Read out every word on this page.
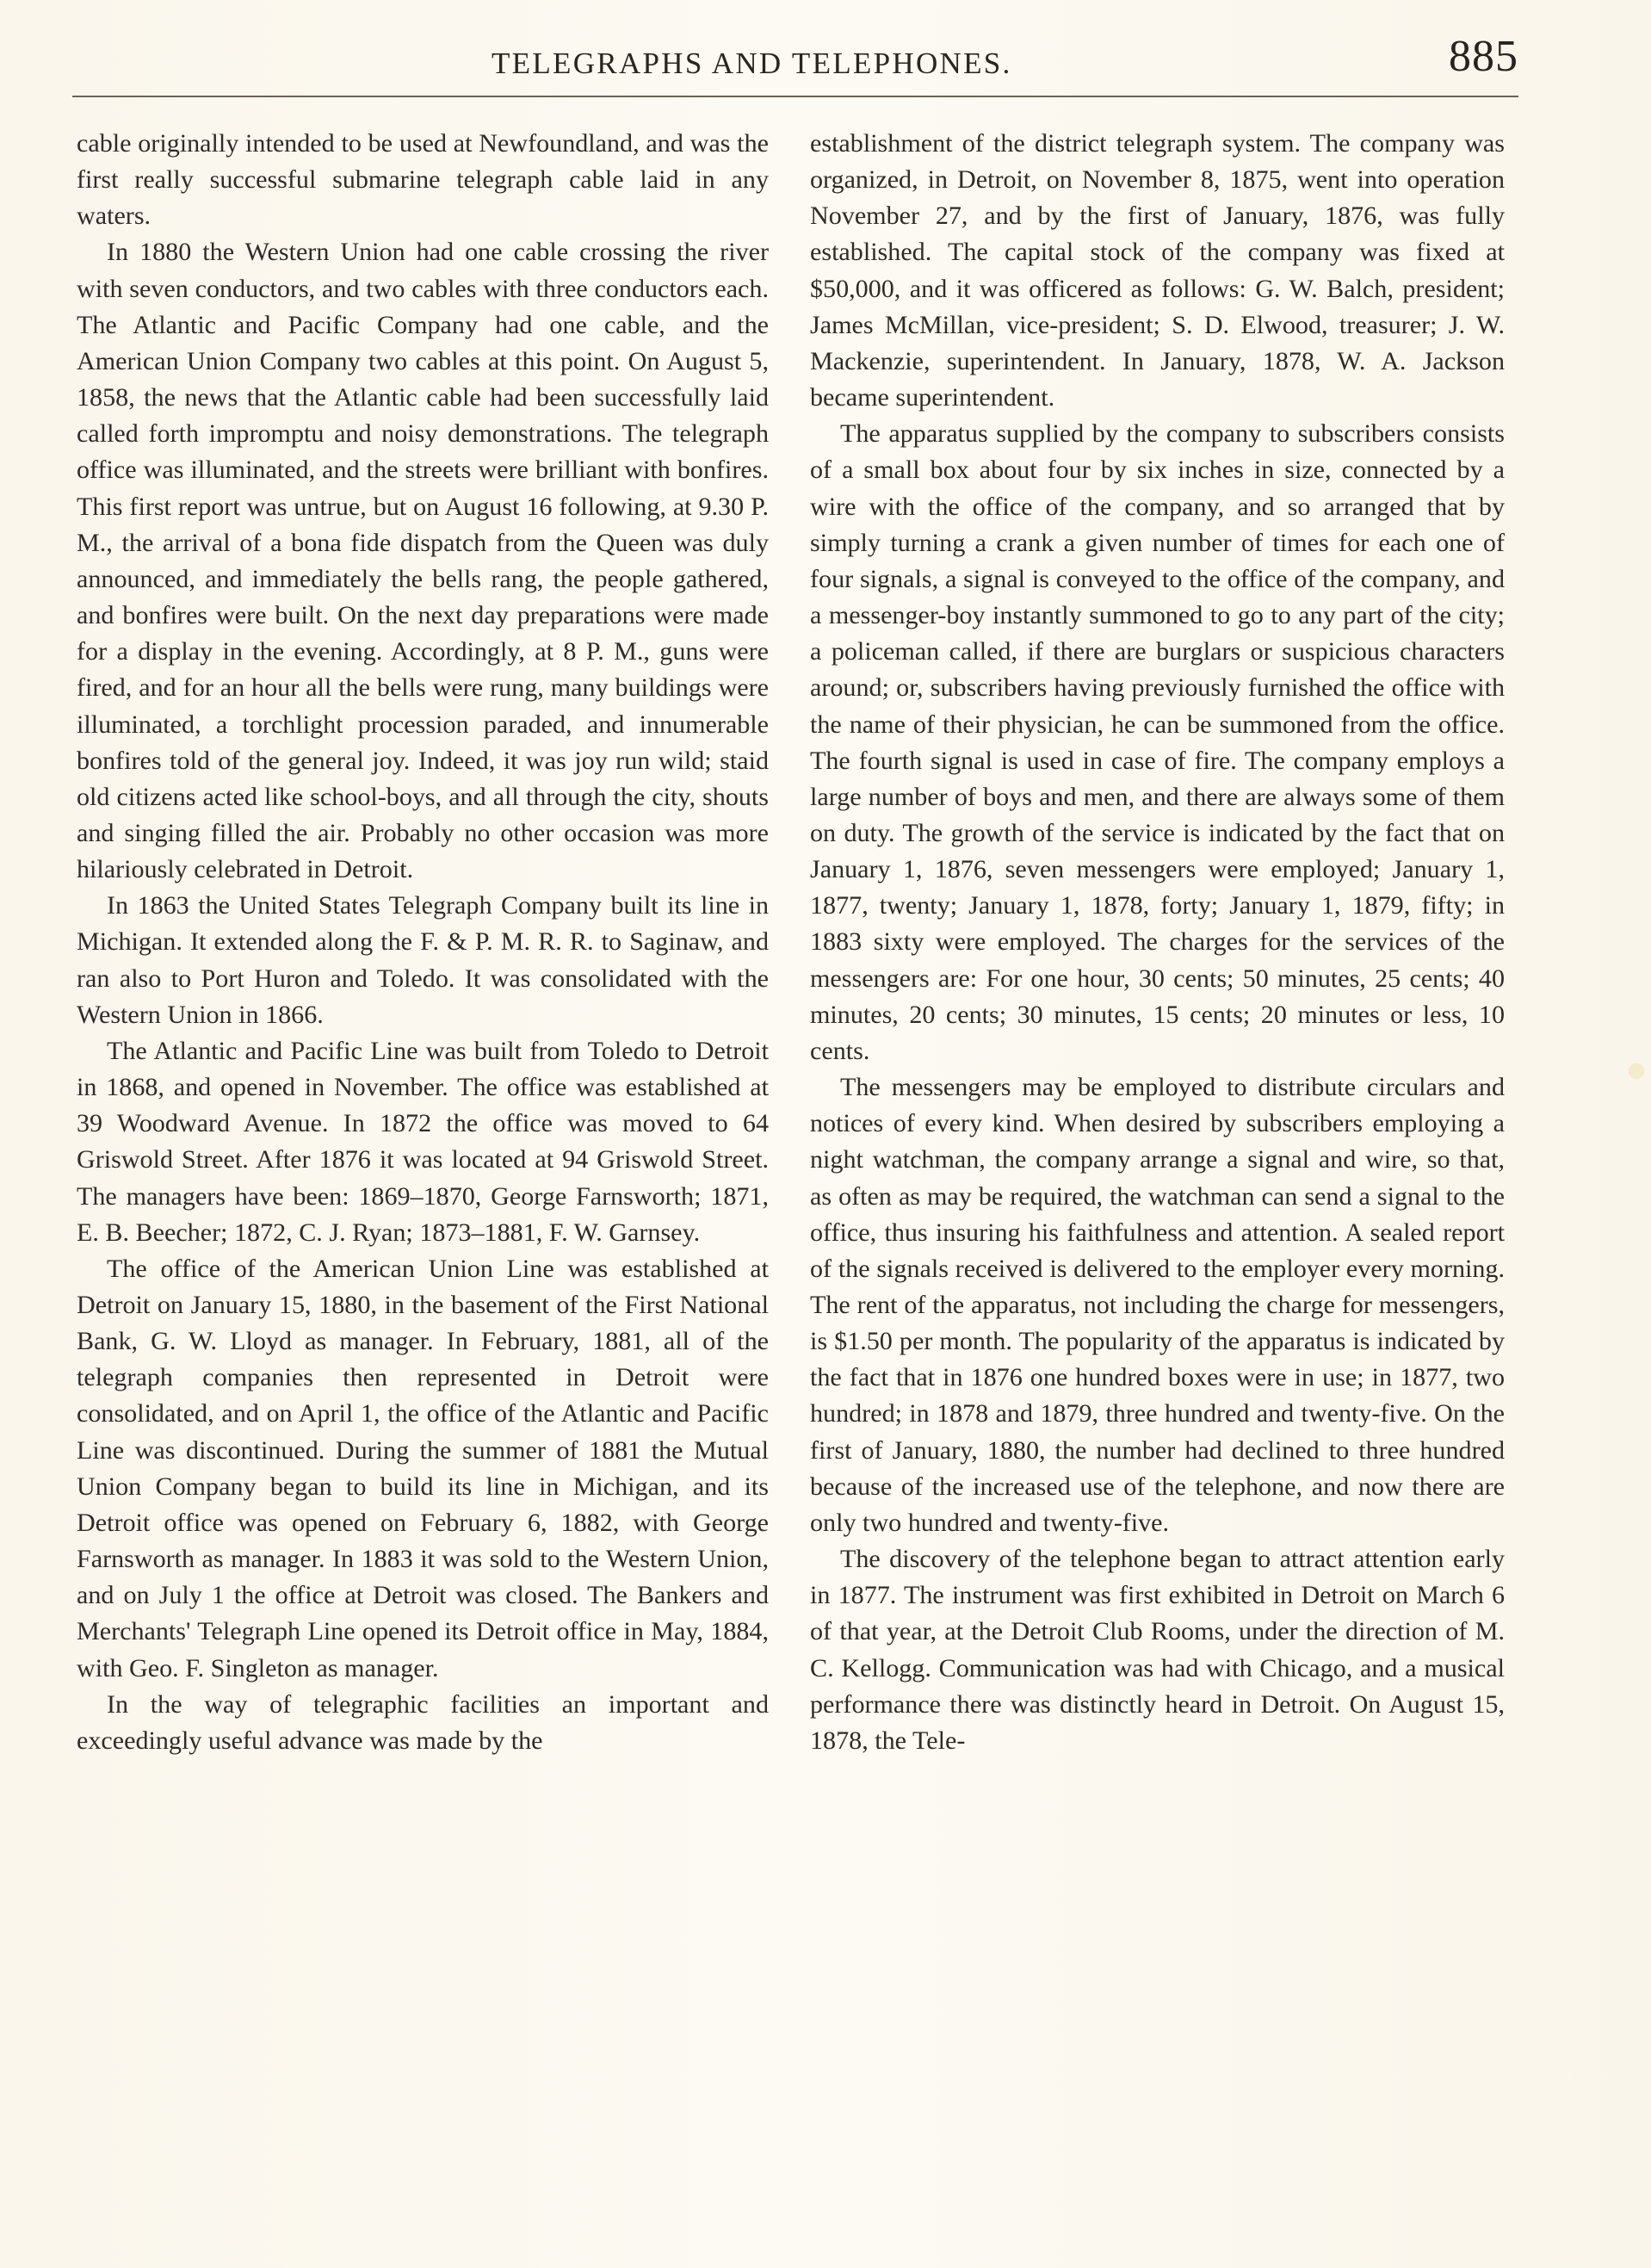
TELEGRAPHS AND TELEPHONES.	885

cable originally intended to be used at Newfoundland, and was the first really successful submarine telegraph cable laid in any waters.

In 1880 the Western Union had one cable crossing the river with seven conductors, and two cables with three conductors each. The Atlantic and Pacific Company had one cable, and the American Union Company two cables at this point. On August 5, 1858, the news that the Atlantic cable had been successfully laid called forth impromptu and noisy demonstrations. The telegraph office was illuminated, and the streets were brilliant with bonfires. This first report was untrue, but on August 16 following, at 9.30 P. M., the arrival of a bona fide dispatch from the Queen was duly announced, and immediately the bells rang, the people gathered, and bonfires were built. On the next day preparations were made for a display in the evening. Accordingly, at 8 P. M., guns were fired, and for an hour all the bells were rung, many buildings were illuminated, a torchlight procession paraded, and innumerable bonfires told of the general joy. Indeed, it was joy run wild; staid old citizens acted like school-boys, and all through the city, shouts and singing filled the air. Probably no other occasion was more hilariously celebrated in Detroit.

In 1863 the United States Telegraph Company built its line in Michigan. It extended along the F. & P. M. R. R. to Saginaw, and ran also to Port Huron and Toledo. It was consolidated with the Western Union in 1866.

The Atlantic and Pacific Line was built from Toledo to Detroit in 1868, and opened in November. The office was established at 39 Woodward Avenue. In 1872 the office was moved to 64 Griswold Street. After 1876 it was located at 94 Griswold Street. The managers have been: 1869–1870, George Farnsworth; 1871, E. B. Beecher; 1872, C. J. Ryan; 1873–1881, F. W. Garnsey.

The office of the American Union Line was established at Detroit on January 15, 1880, in the basement of the First National Bank, G. W. Lloyd as manager. In February, 1881, all of the telegraph companies then represented in Detroit were consolidated, and on April 1, the office of the Atlantic and Pacific Line was discontinued. During the summer of 1881 the Mutual Union Company began to build its line in Michigan, and its Detroit office was opened on February 6, 1882, with George Farnsworth as manager. In 1883 it was sold to the Western Union, and on July 1 the office at Detroit was closed. The Bankers and Merchants' Telegraph Line opened its Detroit office in May, 1884, with Geo. F. Singleton as manager.

In the way of telegraphic facilities an important and exceedingly useful advance was made by the

establishment of the district telegraph system. The company was organized, in Detroit, on November 8, 1875, went into operation November 27, and by the first of January, 1876, was fully established. The capital stock of the company was fixed at $50,000, and it was officered as follows: G. W. Balch, president; James McMillan, vice-president; S. D. Elwood, treasurer; J. W. Mackenzie, superintendent. In January, 1878, W. A. Jackson became superintendent.

The apparatus supplied by the company to subscribers consists of a small box about four by six inches in size, connected by a wire with the office of the company, and so arranged that by simply turning a crank a given number of times for each one of four signals, a signal is conveyed to the office of the company, and a messenger-boy instantly summoned to go to any part of the city; a policeman called, if there are burglars or suspicious characters around; or, subscribers having previously furnished the office with the name of their physician, he can be summoned from the office. The fourth signal is used in case of fire. The company employs a large number of boys and men, and there are always some of them on duty. The growth of the service is indicated by the fact that on January 1, 1876, seven messengers were employed; January 1, 1877, twenty; January 1, 1878, forty; January 1, 1879, fifty; in 1883 sixty were employed. The charges for the services of the messengers are: For one hour, 30 cents; 50 minutes, 25 cents; 40 minutes, 20 cents; 30 minutes, 15 cents; 20 minutes or less, 10 cents.

The messengers may be employed to distribute circulars and notices of every kind. When desired by subscribers employing a night watchman, the company arrange a signal and wire, so that, as often as may be required, the watchman can send a signal to the office, thus insuring his faithfulness and attention. A sealed report of the signals received is delivered to the employer every morning. The rent of the apparatus, not including the charge for messengers, is $1.50 per month. The popularity of the apparatus is indicated by the fact that in 1876 one hundred boxes were in use; in 1877, two hundred; in 1878 and 1879, three hundred and twenty-five. On the first of January, 1880, the number had declined to three hundred because of the increased use of the telephone, and now there are only two hundred and twenty-five.

The discovery of the telephone began to attract attention early in 1877. The instrument was first exhibited in Detroit on March 6 of that year, at the Detroit Club Rooms, under the direction of M. C. Kellogg. Communication was had with Chicago, and a musical performance there was distinctly heard in Detroit. On August 15, 1878, the Tele-
